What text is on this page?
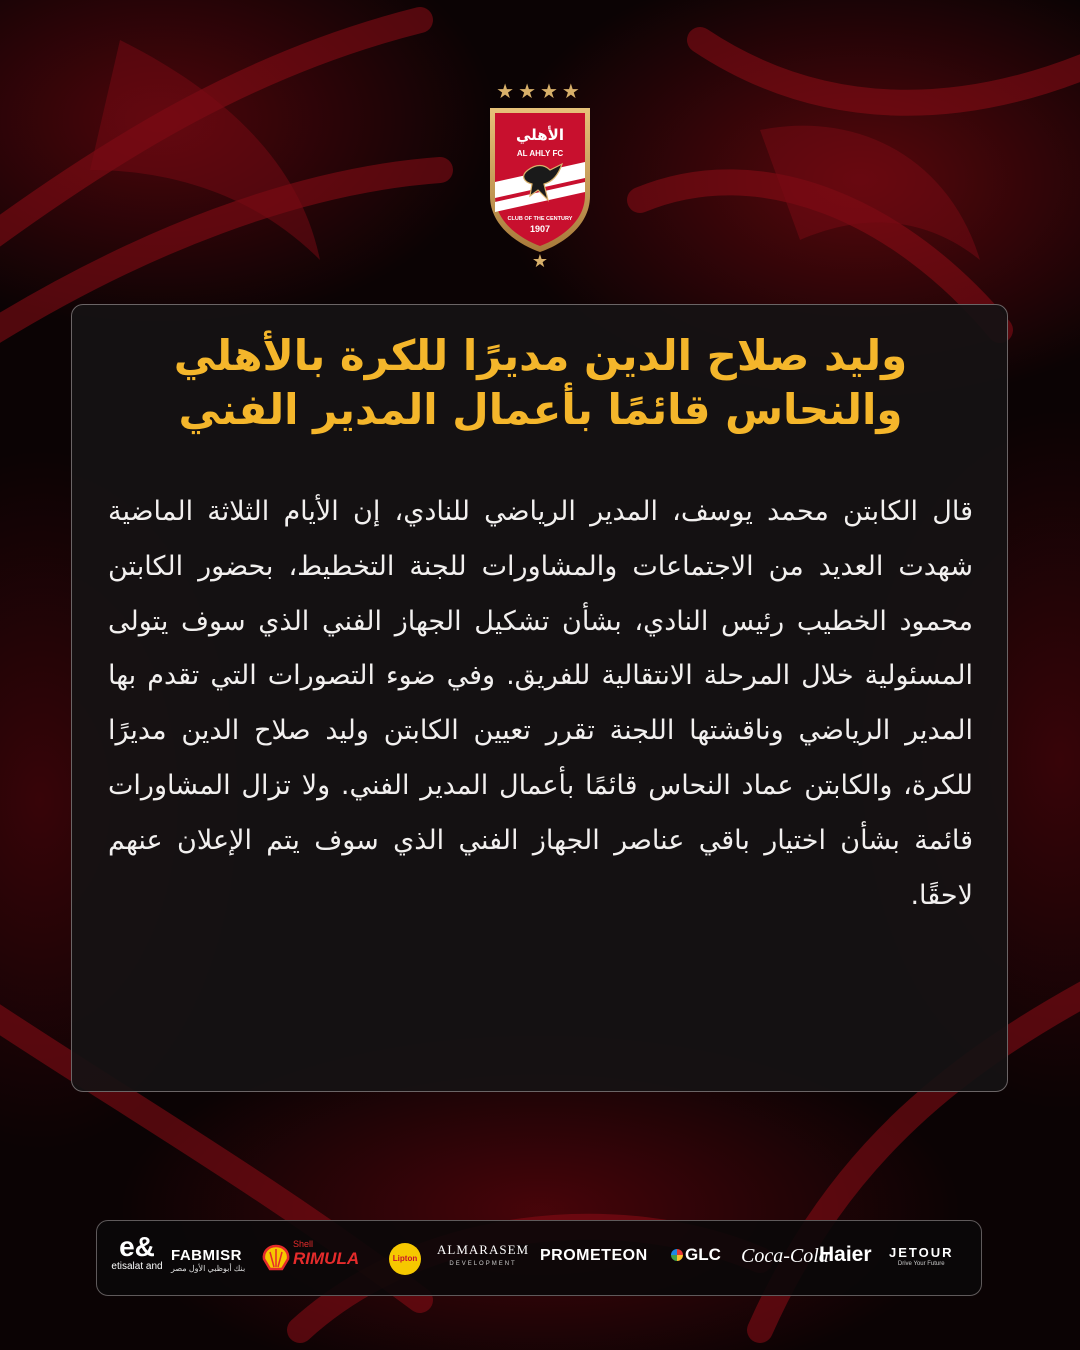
★★★★
الأهلي
AL AHLY FC
CLUB OF THE CENTURY
1907
★
وليد صلاح الدين مديرًا للكرة بالأهلي
والنحاس قائمًا بأعمال المدير الفني
قال الكابتن محمد يوسف، المدير الرياضي للنادي، إن الأيام الثلاثة الماضية شهدت العديد من الاجتماعات والمشاورات للجنة التخطيط، بحضور الكابتن محمود الخطيب رئيس النادي، بشأن تشكيل الجهاز الفني الذي سوف يتولى المسئولية خلال المرحلة الانتقالية للفريق. وفي ضوء التصورات التي تقدم بها المدير الرياضي وناقشتها اللجنة تقرر تعيين الكابتن وليد صلاح الدين مديرًا للكرة، والكابتن عماد النحاس قائمًا بأعمال المدير الفني. ولا تزال المشاورات قائمة بشأن اختيار باقي عناصر الجهاز الفني الذي سوف يتم الإعلان عنهم لاحقًا.
e&
etisalat and
FABMISR
بنك أبوظبي الأول مصر
Shell
RIMULA	Lipton
ALMARASEM
DEVELOPMENT	PROMETEON	GLC Coca-Cola
Haier JETOUR
Drive Your Future
